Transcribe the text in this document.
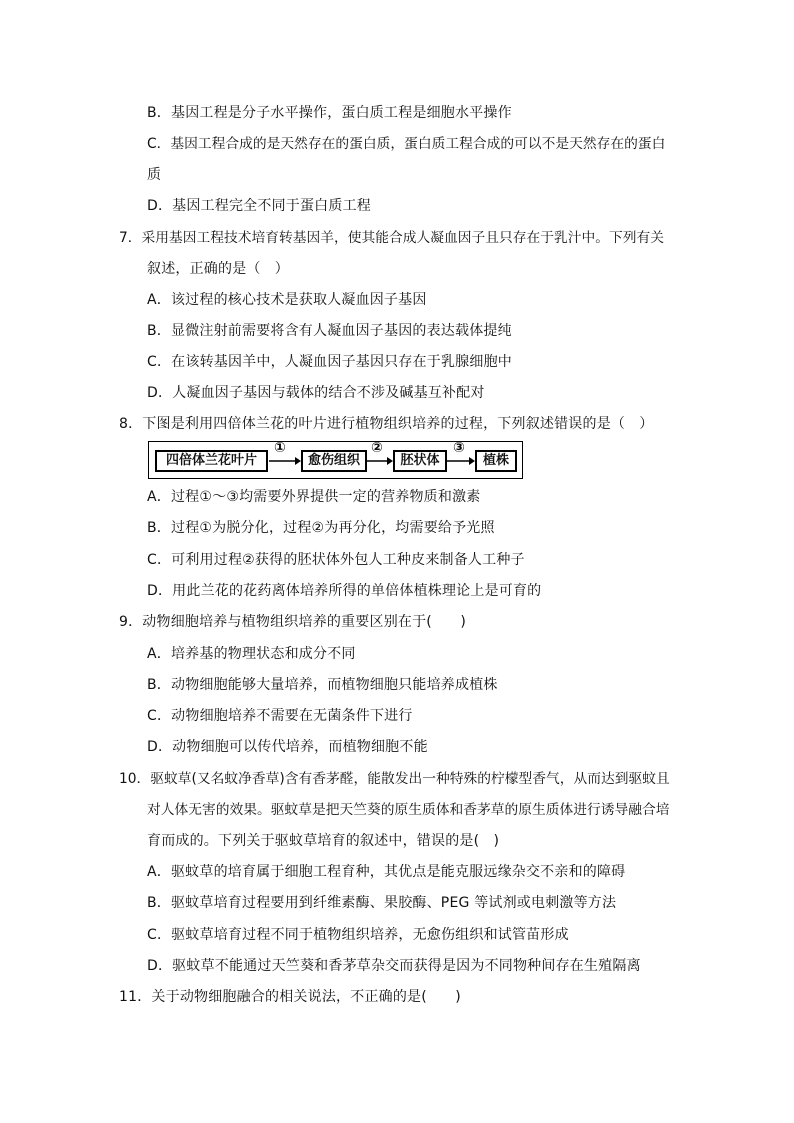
B．基因工程是分子水平操作，蛋白质工程是细胞水平操作
C．基因工程合成的是天然存在的蛋白质，蛋白质工程合成的可以不是天然存在的蛋白
质
D．基因工程完全不同于蛋白质工程
7．采用基因工程技术培育转基因羊，使其能合成人凝血因子且只存在于乳汁中。下列有关
叙述，正确的是（　）
A．该过程的核心技术是获取人凝血因子基因
B．显微注射前需要将含有人凝血因子基因的表达载体提纯
C．在该转基因羊中，人凝血因子基因只存在于乳腺细胞中
D．人凝血因子基因与载体的结合不涉及碱基互补配对
8．下图是利用四倍体兰花的叶片进行植物组织培养的过程，下列叙述错误的是（　）
四倍体兰花叶片
①
愈伤组织
②
胚状体
③
植株
A．过程①～③均需要外界提供一定的营养物质和激素
B．过程①为脱分化，过程②为再分化，均需要给予光照
C．可利用过程②获得的胚状体外包人工种皮来制备人工种子
D．用此兰花的花药离体培养所得的单倍体植株理论上是可育的
9．动物细胞培养与植物组织培养的重要区别在于(　　)
A．培养基的物理状态和成分不同
B．动物细胞能够大量培养，而植物细胞只能培养成植株
C．动物细胞培养不需要在无菌条件下进行
D．动物细胞可以传代培养，而植物细胞不能
10．驱蚊草(又名蚊净香草)含有香茅醛，能散发出一种特殊的柠檬型香气，从而达到驱蚊且
对人体无害的效果。驱蚊草是把天竺葵的原生质体和香茅草的原生质体进行诱导融合培
育而成的。下列关于驱蚊草培育的叙述中，错误的是(　)
A．驱蚊草的培育属于细胞工程育种，其优点是能克服远缘杂交不亲和的障碍
B．驱蚊草培育过程要用到纤维素酶、果胶酶、PEG 等试剂或电刺激等方法
C．驱蚊草培育过程不同于植物组织培养，无愈伤组织和试管苗形成
D．驱蚊草不能通过天竺葵和香茅草杂交而获得是因为不同物种间存在生殖隔离
11．关于动物细胞融合的相关说法，不正确的是(　　)
